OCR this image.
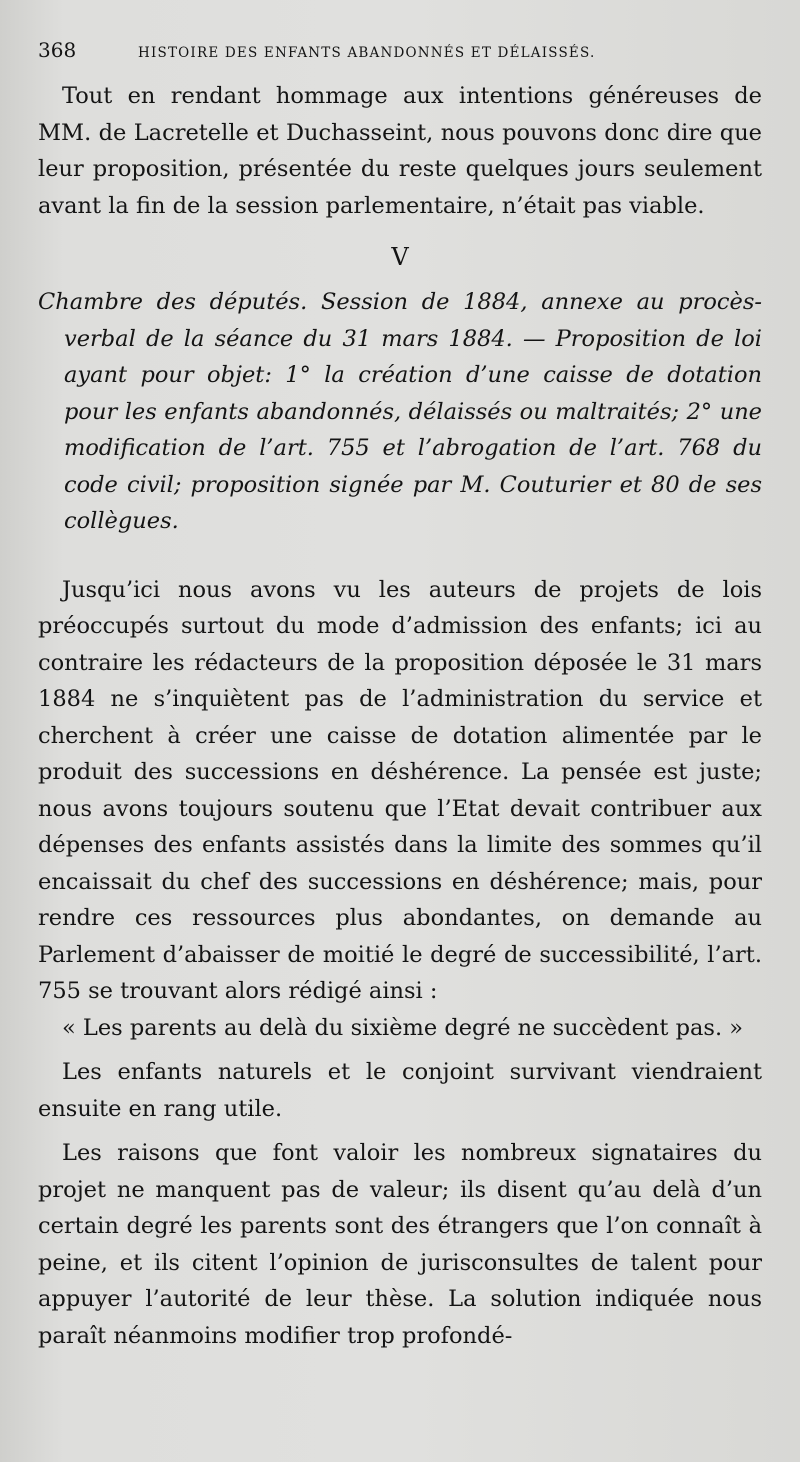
368	HISTOIRE DES ENFANTS ABANDONNÉS ET DÉLAISSÉS.

Tout en rendant hommage aux intentions généreuses de MM. de Lacretelle et Duchasseint, nous pouvons donc dire que leur proposition, présentée du reste quelques jours seulement avant la fin de la session parlementaire, n’était pas viable.

V

Chambre des députés. Session de 1884, annexe au procès-verbal de la séance du 31 mars 1884. — Proposition de loi ayant pour objet: 1° la création d’une caisse de dotation pour les enfants abandonnés, délaissés ou maltraités; 2° une modification de l’art. 755 et l’abrogation de l’art. 768 du code civil; proposition signée par M. Couturier et 80 de ses collègues.

Jusqu’ici nous avons vu les auteurs de projets de lois préoccupés surtout du mode d’admission des enfants; ici au contraire les rédacteurs de la proposition déposée le 31 mars 1884 ne s’inquiètent pas de l’administration du service et cherchent à créer une caisse de dotation alimentée par le produit des successions en déshérence. La pensée est juste; nous avons toujours soutenu que l’Etat devait contribuer aux dépenses des enfants assistés dans la limite des sommes qu’il encaissait du chef des successions en déshérence; mais, pour rendre ces ressources plus abondantes, on demande au Parlement d’abaisser de moitié le degré de successibilité, l’art. 755 se trouvant alors rédigé ainsi :

« Les parents au delà du sixième degré ne succèdent pas. »

Les enfants naturels et le conjoint survivant viendraient ensuite en rang utile.

Les raisons que font valoir les nombreux signataires du projet ne manquent pas de valeur; ils disent qu’au delà d’un certain degré les parents sont des étrangers que l’on connaît à peine, et ils citent l’opinion de jurisconsultes de talent pour appuyer l’autorité de leur thèse. La solution indiquée nous paraît néanmoins modifier trop profondé-
